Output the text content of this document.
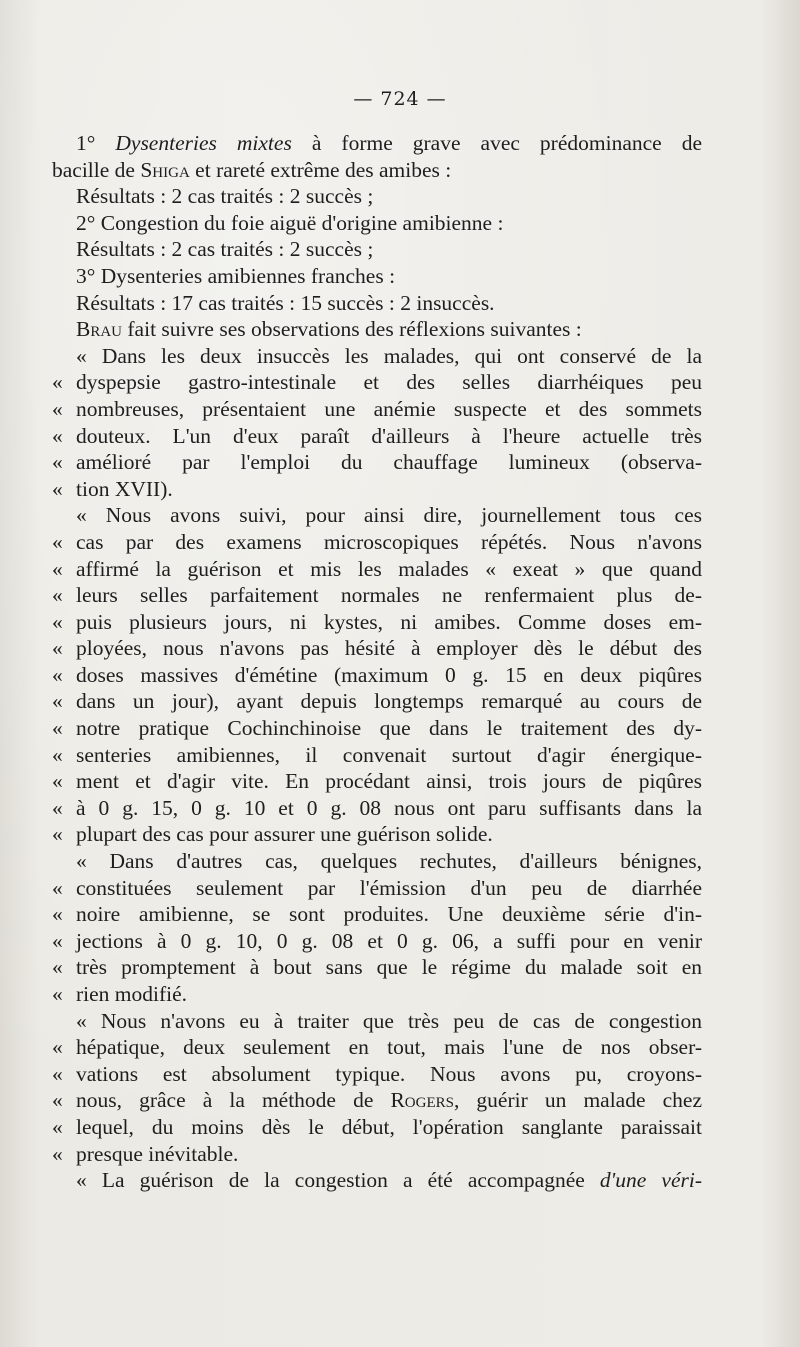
— 724 —
1° Dysenteries mixtes à forme grave avec prédominance de
bacille de Shiga et rareté extrême des amibes :
Résultats : 2 cas traités : 2 succès ;
2° Congestion du foie aiguë d'origine amibienne :
Résultats : 2 cas traités : 2 succès ;
3° Dysenteries amibiennes franches :
Résultats : 17 cas traités : 15 succès : 2 insuccès.
Brau fait suivre ses observations des réflexions suivantes :
« Dans les deux insuccès les malades, qui ont conservé de la
« dyspepsie gastro-intestinale et des selles diarrhéiques peu
« nombreuses, présentaient une anémie suspecte et des sommets
« douteux. L'un d'eux paraît d'ailleurs à l'heure actuelle très
« amélioré par l'emploi du chauffage lumineux (observa-
« tion XVII).
« Nous avons suivi, pour ainsi dire, journellement tous ces
« cas par des examens microscopiques répétés. Nous n'avons
« affirmé la guérison et mis les malades « exeat » que quand
« leurs selles parfaitement normales ne renfermaient plus de-
« puis plusieurs jours, ni kystes, ni amibes. Comme doses em-
« ployées, nous n'avons pas hésité à employer dès le début des
« doses massives d'émétine (maximum 0 g. 15 en deux piqûres
« dans un jour), ayant depuis longtemps remarqué au cours de
« notre pratique Cochinchinoise que dans le traitement des dy-
« senteries amibiennes, il convenait surtout d'agir énergique-
« ment et d'agir vite. En procédant ainsi, trois jours de piqûres
« à 0 g. 15, 0 g. 10 et 0 g. 08 nous ont paru suffisants dans la
« plupart des cas pour assurer une guérison solide.
« Dans d'autres cas, quelques rechutes, d'ailleurs bénignes,
« constituées seulement par l'émission d'un peu de diarrhée
« noire amibienne, se sont produites. Une deuxième série d'in-
« jections à 0 g. 10, 0 g. 08 et 0 g. 06, a suffi pour en venir
« très promptement à bout sans que le régime du malade soit en
« rien modifié.
« Nous n'avons eu à traiter que très peu de cas de congestion
« hépatique, deux seulement en tout, mais l'une de nos obser-
« vations est absolument typique. Nous avons pu, croyons-
« nous, grâce à la méthode de Rogers, guérir un malade chez
« lequel, du moins dès le début, l'opération sanglante paraissait
« presque inévitable.
« La guérison de la congestion a été accompagnée d'une véri-
